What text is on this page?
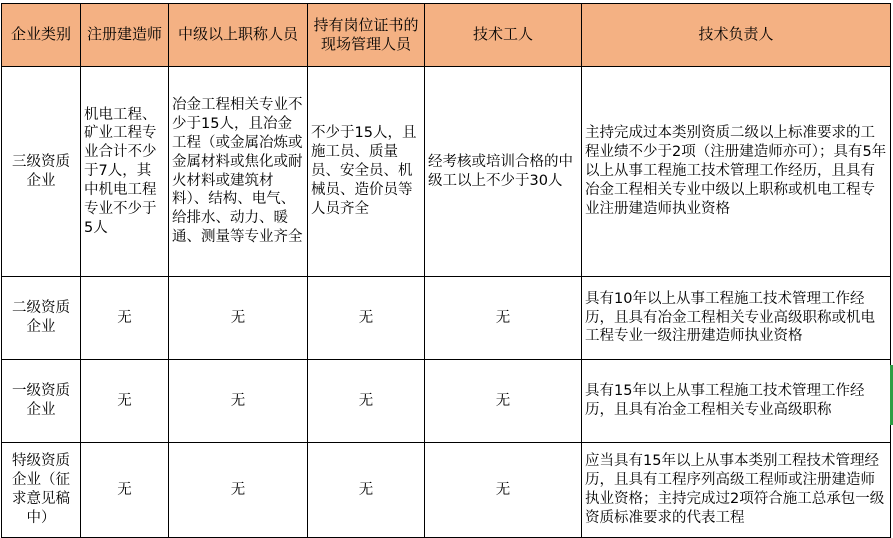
企业类别	注册建造师	中级以上职称人员	持有岗位证书的现场管理人员	技术工人	技术负责人
三级资质企业	机电工程、矿业工程专业合计不少于7人，其中机电工程专业不少于5人	冶金工程相关专业不少于15人，且冶金工程（或金属冶炼或金属材料或焦化或耐火材料或建筑材料）、结构、电气、给排水、动力、暖通、测量等专业齐全	不少于15人，且施工员、质量员、安全员、机械员、造价员等人员齐全	经考核或培训合格的中级工以上不少于30人	主持完成过本类别资质二级以上标准要求的工程业绩不少于2项（注册建造师亦可）；具有5年以上从事工程施工技术管理工作经历，且具有冶金工程相关专业中级以上职称或机电工程专业注册建造师执业资格
二级资质企业	无	无	无	无	具有10年以上从事工程施工技术管理工作经历，且具有冶金工程相关专业高级职称或机电工程专业一级注册建造师执业资格
一级资质企业	无	无	无	无	具有15年以上从事工程施工技术管理工作经历，且具有冶金工程相关专业高级职称
特级资质企业（征求意见稿中）	无	无	无	无	应当具有15年以上从事本类别工程技术管理经历，且具有工程序列高级工程师或注册建造师执业资格；主持完成过2项符合施工总承包一级资质标准要求的代表工程
